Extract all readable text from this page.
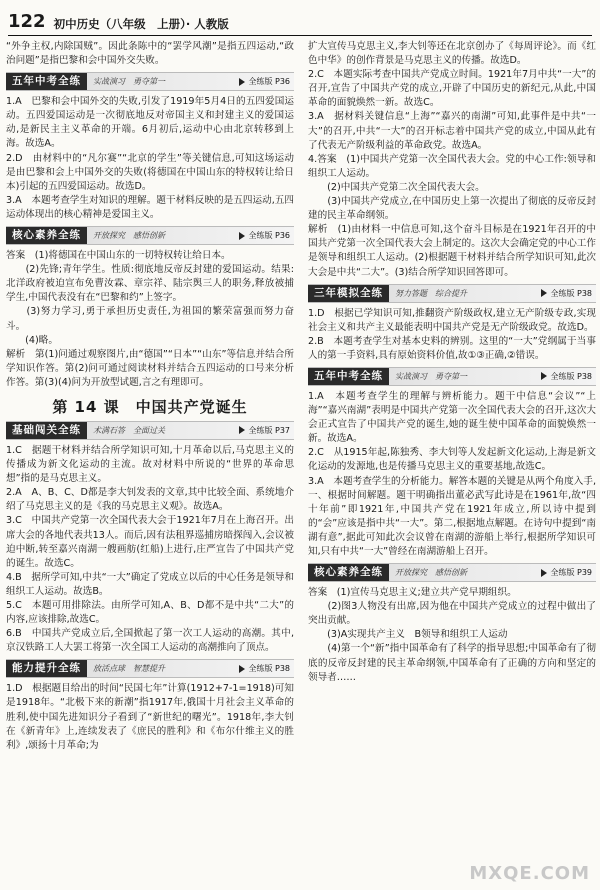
122 初中历史（八年级　上册）· 人教版

“外争主权,内除国贼”。因此条陈中的“罢学风潮”是指五四运动,“政治问题”是指巴黎和会中国外交失败。

五年中考全练	实战演习　勇夺第一	全练版 P36

1.A　巴黎和会中国外交的失败,引发了1919年5月4日的五四爱国运动。五四爱国运动是一次彻底地反对帝国主义和封建主义的爱国运动,是新民主主义革命的开端。6月初后,运动中心由北京转移到上海。故选A。

2.D　由材料中的“凡尔赛”“北京的学生”等关键信息,可知这场运动是由巴黎和会上中国外交的失败(将德国在中国山东的特权转让给日本)引起的五四爱国运动。故选D。

3.A　本题考查学生对知识的理解。题干材料反映的是五四运动,五四运动体现出的核心精神是爱国主义。

核心素养全练	开放探究　感悟创新	全练版 P36

答案　(1)将德国在中国山东的一切特权转让给日本。

　　(2)先锋;青年学生。性质:彻底地反帝反封建的爱国运动。结果:北洋政府被迫宣布免曹汝霖、章宗祥、陆宗舆三人的职务,释放被捕学生,中国代表没有在“巴黎和约”上签字。

　　(3)努力学习,勇于承担历史责任,为祖国的繁荣富强而努力奋斗。

　　(4)略。

解析　第(1)问通过观察图片,由“德国”“日本”“山东”等信息并结合所学知识作答。第(2)问可通过阅读材料并结合五四运动的口号来分析作答。第(3)(4)问为开放型试题,言之有理即可。

第 14 课　中国共产党诞生
基础闯关全练	术满石答　全面过关	全练版 P37

1.C　据题干材料并结合所学知识可知,十月革命以后,马克思主义的传播成为新文化运动的主流。故对材料中所说的“世界的革命思想”指的是马克思主义。

2.A　A、B、C、D都是李大钊发表的文章,其中比较全面、系统地介绍了马克思主义的是《我的马克思主义观》。故选A。

3.C　中国共产党第一次全国代表大会于1921年7月在上海召开。出席大会的各地代表共13人。而后,因有法租界巡捕房暗探闯入,会议被迫中断,转至嘉兴南湖一艘画舫(红船)上进行,庄严宣告了中国共产党的诞生。故选C。

4.B　据所学可知,中共“一大”确定了党成立以后的中心任务是领导和组织工人运动。故选B。

5.C　本题可用排除法。由所学可知,A、B、D都不是中共“二大”的内容,应该排除,故选C。

6.B　中国共产党成立后,全国掀起了第一次工人运动的高潮。其中,京汉铁路工人大罢工将第一次全国工人运动的高潮推向了顶点。

能力提升全练	放活点球　智慧提升	全练版 P38

1.D　根据题目给出的时间“民国七年”计算(1912+7-1=1918)可知是1918年。“北极下来的新潮”指1917年,俄国十月社会主义革命的胜利,使中国先进知识分子看到了“新世纪的曙光”。1918年,李大钊在《新青年》上,连续发表了《庶民的胜利》和《布尔什维主义的胜利》,颂扬十月革命;为

扩大宣传马克思主义,李大钊等还在北京创办了《每周评论》。而《红色中华》的创作背景是马克思主义的传播。故选D。

2.C　本题实际考查中国共产党成立时间。1921年7月中共“一大”的召开,宣告了中国共产党的成立,开辟了中国历史的新纪元,从此,中国革命的面貌焕然一新。故选C。

3.A　据材料关键信息“上海”“嘉兴的南湖”可知,此事件是中共“一大”的召开,中共“一大”的召开标志着中国共产党的成立,中国从此有了代表无产阶级利益的革命政党。故选A。

4.答案　(1)中国共产党第一次全国代表大会。党的中心工作:领导和组织工人运动。

　　(2)中国共产党第二次全国代表大会。

　　(3)中国共产党成立,在中国历史上第一次提出了彻底的反帝反封建的民主革命纲领。

解析　(1)由材料一中信息可知,这个奋斗目标是在1921年召开的中国共产党第一次全国代表大会上制定的。这次大会确定党的中心工作是领导和组织工人运动。(2)根据题干材料并结合所学知识可知,此次大会是中共“二大”。(3)结合所学知识回答即可。

三年模拟全练	努力答题　综合提升	全练版 P38

1.D　根据已学知识可知,推翻资产阶级政权,建立无产阶级专政,实现社会主义和共产主义最能表明中国共产党是无产阶级政党。故选D。

2.B　本题考查学生对基本史料的辨别。这里的“一大”党纲属于当事人的第一手资料,具有原始资料价值,故①③正确,②错误。

五年中考全练	实战演习　勇夺第一	全练版 P38

1.A　本题考查学生的理解与辨析能力。题干中信息“会议”“上海”“嘉兴南湖”表明是中国共产党第一次全国代表大会的召开,这次大会正式宣告了中国共产党的诞生,她的诞生使中国革命的面貌焕然一新。故选A。

2.C　从1915年起,陈独秀、李大钊等人发起新文化运动,上海是新文化运动的发源地,也是传播马克思主义的重要基地,故选C。

3.A　本题考查学生的分析能力。解答本题的关键是从两个角度入手,一、根据时间解题。题干明确指出董必武写此诗是在1961年,故“四十年前”即1921年,中国共产党在1921年成立,所以诗中提到的“会”应该是指中共“一大”。第二,根据地点解题。在诗句中提到“南湖有意”,据此可知此次会议曾在南湖的游船上举行,根据所学知识可知,只有中共“一大”曾经在南湖游船上召开。

核心素养全练	开放探究　感悟创新	全练版 P39

答案　(1)宣传马克思主义;建立共产党早期组织。

　　(2)图3人物没有出席,因为他在中国共产党成立的过程中做出了突出贡献。

　　(3)A实现共产主义　B领导和组织工人运动

　　(4)第一个“新”指中国革命有了科学的指导思想;中国革命有了彻底的反帝反封建的民主革命纲领,中国革命有了正确的方向和坚定的领导者……

MXQE.COM
